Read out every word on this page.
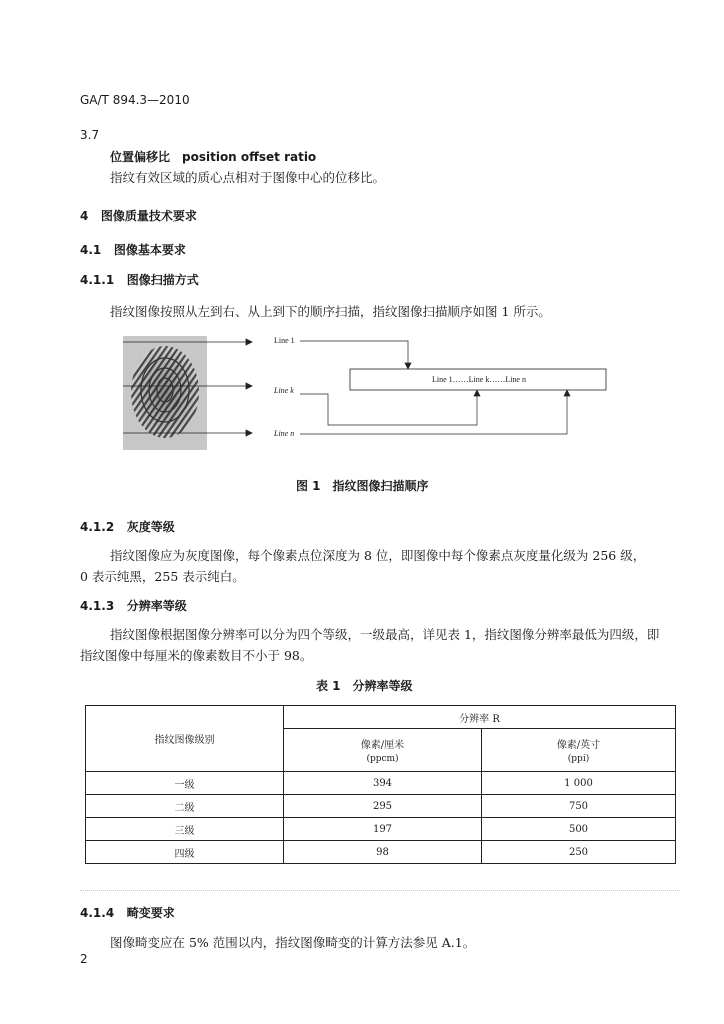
GA/T 894.3—2010
3.7
位置偏移比　position offset ratio
指纹有效区域的质心点相对于图像中心的位移比。
4 图像质量技术要求
4.1 图像基本要求
4.1.1 图像扫描方式
指纹图像按照从左到右、从上到下的顺序扫描，指纹图像扫描顺序如图 1 所示。
Line 1
Line k
Line n
Line 1……Line k……Line n
图 1　指纹图像扫描顺序
4.1.2 灰度等级
指纹图像应为灰度图像，每个像素点位深度为 8 位，即图像中每个像素点灰度量化级为 256 级，
0 表示纯黑，255 表示纯白。
4.1.3 分辨率等级
指纹图像根据图像分辨率可以分为四个等级，一级最高，详见表 1，指纹图像分辨率最低为四级，即
指纹图像中每厘米的像素数目不小于 98。
表 1　分辨率等级
指纹图像级别	分辨率 R	
	像素/厘米
(ppcm)	像素/英寸
(ppi)

一级	394	1 000
二级	295	750
三级	197	500
四级	98	250
4.1.4 畸变要求
图像畸变应在 5% 范围以内，指纹图像畸变的计算方法参见 A.1。
2
